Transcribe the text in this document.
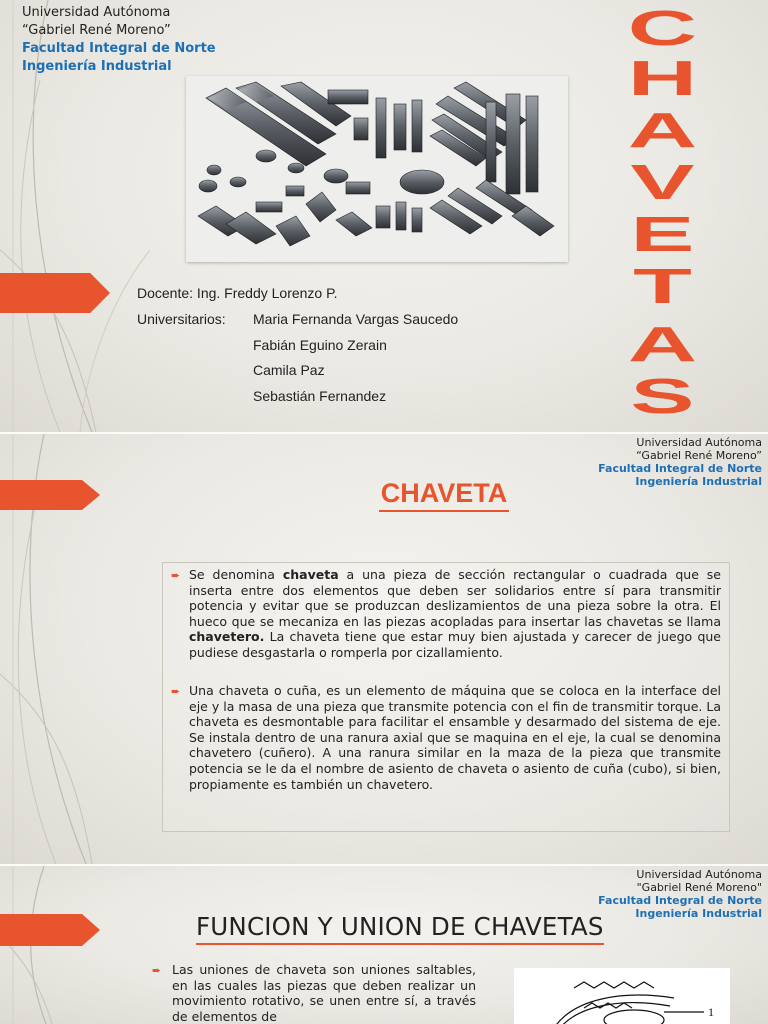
Universidad Autónoma
“Gabriel René Moreno”
Facultad Integral de Norte
Ingeniería Industrial
C
H
A
V
E
T
A
S
Docente: Ing. Freddy Lorenzo P.
Universitarios: Maria Fernanda Vargas Saucedo
Fabián Eguino Zerain
Camila Paz
Sebastián Fernandez
Universidad Autónoma
“Gabriel René Moreno”
Facultad Integral de Norte
Ingeniería Industrial
CHAVETA
➨ Se denomina chaveta a una pieza de sección rectangular o cuadrada que se inserta entre dos elementos que deben ser solidarios entre sí para transmitir potencia y evitar que se produzcan deslizamientos de una pieza sobre la otra. El hueco que se mecaniza en las piezas acopladas para insertar las chavetas se llama chavetero. La chaveta tiene que estar muy bien ajustada y carecer de juego que pudiese desgastarla o romperla por cizallamiento.
➨ Una chaveta o cuña, es un elemento de máquina que se coloca en la interface del eje y la masa de una pieza que transmite potencia con el fin de transmitir torque. La chaveta es desmontable para facilitar el ensamble y desarmado del sistema de eje. Se instala dentro de una ranura axial que se maquina en el eje, la cual se denomina chavetero (cuñero). A una ranura similar en la maza de la pieza que transmite potencia se le da el nombre de asiento de chaveta o asiento de cuña (cubo), si bien, propiamente es también un chavetero.
Universidad Autónoma
"Gabriel René Moreno"
Facultad Integral de Norte
Ingeniería Industrial
FUNCION Y UNION DE CHAVETAS
➨ Las uniones de chaveta son uniones saltables, en las cuales las piezas que deben realizar un movimiento rotativo, se unen entre sí, a través de elementos de	1
